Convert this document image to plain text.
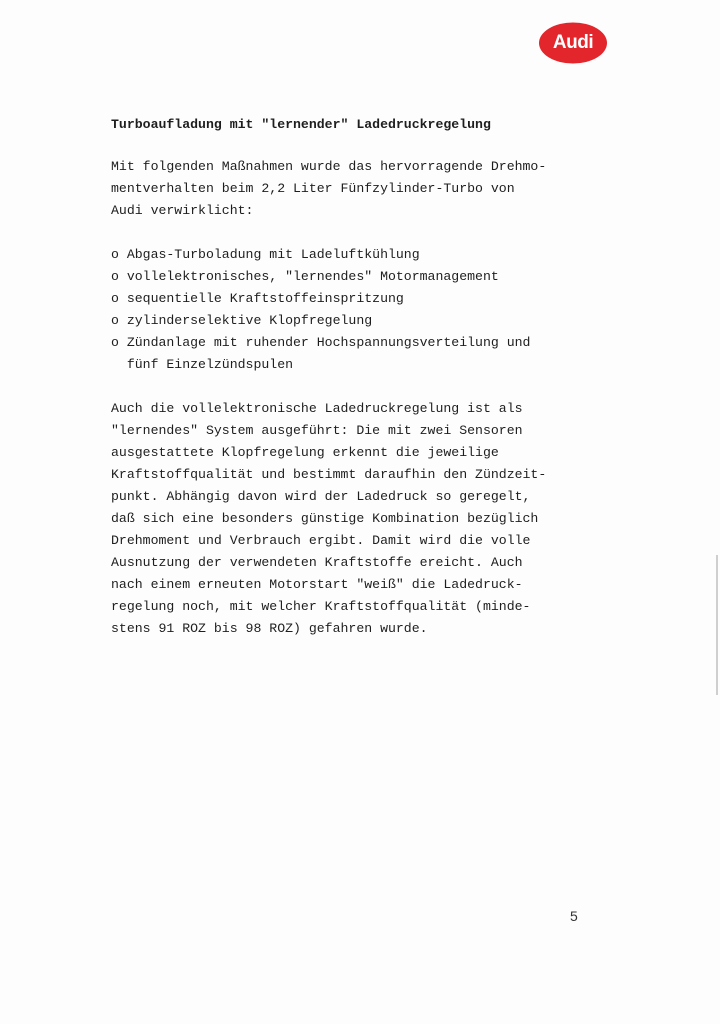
Audi

Turboaufladung mit "lernender" Ladedruckregelung

Mit folgenden Maßnahmen wurde das hervorragende Drehmo-

mentverhalten beim 2,2 Liter Fünfzylinder-Turbo von

Audi verwirklicht:

o Abgas-Turboladung mit Ladeluftkühlung
o vollelektronisches, "lernendes" Motormanagement
o sequentielle Kraftstoffeinspritzung
o zylinderselektive Klopfregelung
o Zündanlage mit ruhender Hochspannungsverteilung und
fünf Einzelzündspulen
Auch die vollelektronische Ladedruckregelung ist als
"lernendes" System ausgeführt: Die mit zwei Sensoren
ausgestattete Klopfregelung erkennt die jeweilige
Kraftstoffqualität und bestimmt daraufhin den Zündzeit-
punkt. Abhängig davon wird der Ladedruck so geregelt,
daß sich eine besonders günstige Kombination bezüglich
Drehmoment und Verbrauch ergibt. Damit wird die volle
Ausnutzung der verwendeten Kraftstoffe ereicht. Auch
nach einem erneuten Motorstart "weiß" die Ladedruck-
regelung noch, mit welcher Kraftstoffqualität (minde-
stens 91 ROZ bis 98 ROZ) gefahren wurde.
5
